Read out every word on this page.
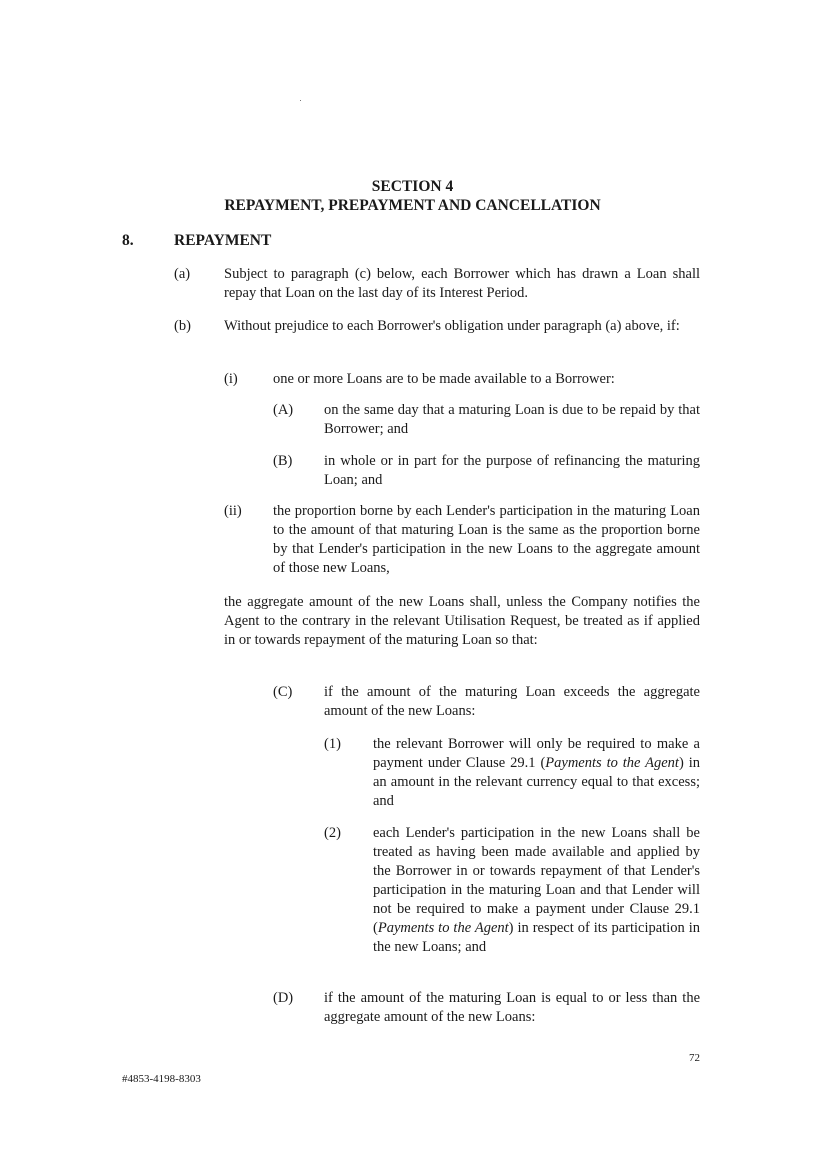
SECTION 4
REPAYMENT, PREPAYMENT AND CANCELLATION
8.	REPAYMENT
(a) Subject to paragraph (c) below, each Borrower which has drawn a Loan shall repay that Loan on the last day of its Interest Period.
(b) Without prejudice to each Borrower's obligation under paragraph (a) above, if:
(i) one or more Loans are to be made available to a Borrower:
(A) on the same day that a maturing Loan is due to be repaid by that Borrower; and
(B) in whole or in part for the purpose of refinancing the maturing Loan; and
(ii) the proportion borne by each Lender's participation in the maturing Loan to the amount of that maturing Loan is the same as the proportion borne by that Lender's participation in the new Loans to the aggregate amount of those new Loans,
the aggregate amount of the new Loans shall, unless the Company notifies the Agent to the contrary in the relevant Utilisation Request, be treated as if applied in or towards repayment of the maturing Loan so that:
(C) if the amount of the maturing Loan exceeds the aggregate amount of the new Loans:
(1) the relevant Borrower will only be required to make a payment under Clause 29.1 (Payments to the Agent) in an amount in the relevant currency equal to that excess; and
(2) each Lender's participation in the new Loans shall be treated as having been made available and applied by the Borrower in or towards repayment of that Lender's participation in the maturing Loan and that Lender will not be required to make a payment under Clause 29.1 (Payments to the Agent) in respect of its participation in the new Loans; and
(D) if the amount of the maturing Loan is equal to or less than the aggregate amount of the new Loans:
72
#4853-4198-8303
